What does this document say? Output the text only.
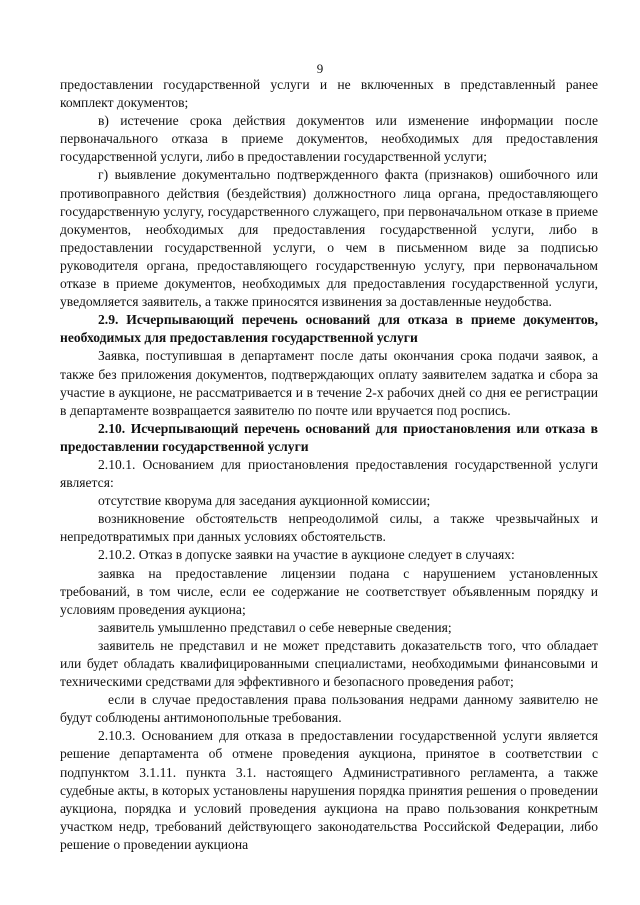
9

предоставлении государственной услуги и не включенных в представленный ранее комплект документов;

в) истечение срока действия документов или изменение информации после первоначального отказа в приеме документов, необходимых для предоставления государственной услуги, либо в предоставлении государственной услуги;

г) выявление документально подтвержденного факта (признаков) ошибочного или противоправного действия (бездействия) должностного лица органа, предоставляющего государственную услугу, государственного служащего, при первоначальном отказе в приеме документов, необходимых для предоставления государственной услуги, либо в предоставлении государственной услуги, о чем в письменном виде за подписью руководителя органа, предоставляющего государственную услугу, при первоначальном отказе в приеме документов, необходимых для предоставления государственной услуги, уведомляется заявитель, а также приносятся извинения за доставленные неудобства.

2.9. Исчерпывающий перечень оснований для отказа в приеме документов, необходимых для предоставления государственной услуги

Заявка, поступившая в департамент после даты окончания срока подачи заявок, а также без приложения документов, подтверждающих оплату заявителем задатка и сбора за участие в аукционе, не рассматривается и в течение 2-х рабочих дней со дня ее регистрации в департаменте возвращается заявителю по почте или вручается под роспись.

2.10. Исчерпывающий перечень оснований для приостановления или отказа в предоставлении государственной услуги

2.10.1. Основанием для приостановления предоставления государственной услуги является:

отсутствие кворума для заседания аукционной комиссии;

возникновение обстоятельств непреодолимой силы, а также чрезвычайных и непредотвратимых при данных условиях обстоятельств.

2.10.2. Отказ в допуске заявки на участие в аукционе следует в случаях:

заявка на предоставление лицензии подана с нарушением установленных требований, в том числе, если ее содержание не соответствует объявленным порядку и условиям проведения аукциона;

заявитель умышленно представил о себе неверные сведения;

заявитель не представил и не может представить доказательств того, что обладает или будет обладать квалифицированными специалистами, необходимыми финансовыми и техническими средствами для эффективного и безопасного проведения работ;

если в случае предоставления права пользования недрами данному заявителю не будут соблюдены антимонопольные требования.

2.10.3. Основанием для отказа в предоставлении государственной услуги является решение департамента об отмене проведения аукциона, принятое в соответствии с подпунктом 3.1.11. пункта 3.1. настоящего Административного регламента, а также судебные акты, в которых установлены нарушения порядка принятия решения о проведении аукциона, порядка и условий проведения аукциона на право пользования конкретным участком недр, требований действующего законодательства Российской Федерации, либо решение о проведении аукциона
